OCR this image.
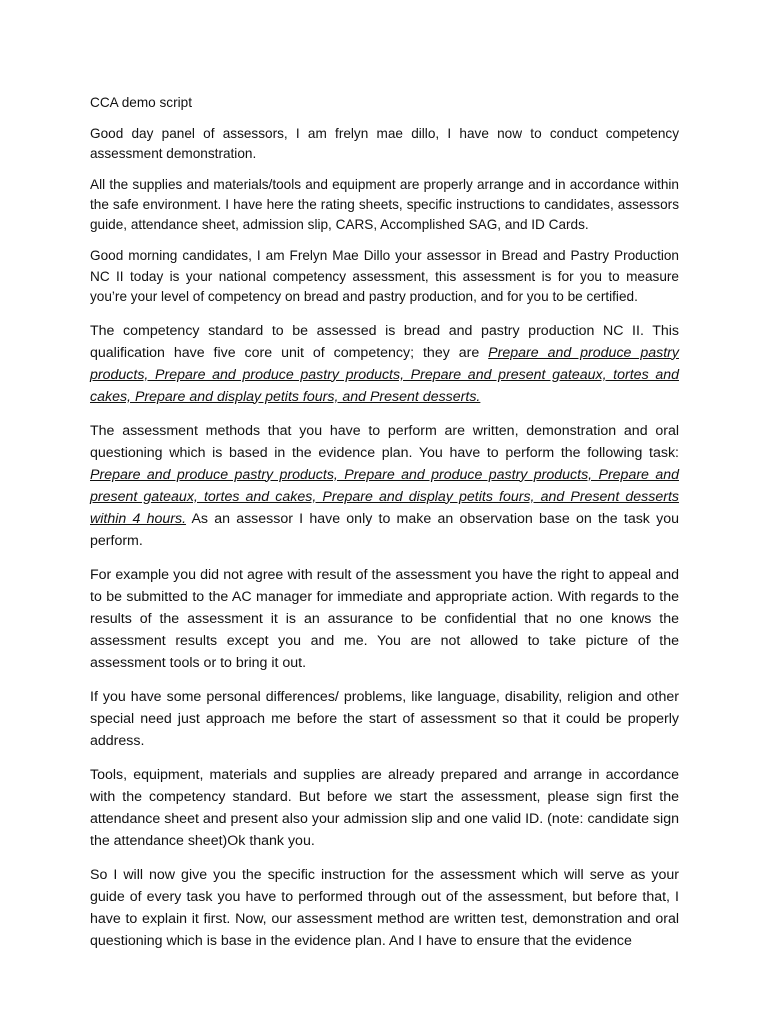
CCA demo script

Good day panel of assessors, I am frelyn mae dillo, I have now to conduct competency assessment demonstration.

All the supplies and materials/tools and equipment are properly arrange and in accordance within the safe environment. I have here the rating sheets, specific instructions to candidates, assessors guide, attendance sheet, admission slip, CARS, Accomplished SAG, and ID Cards.

Good morning candidates, I am Frelyn Mae Dillo your assessor in Bread and Pastry Production NC II today is your national competency assessment, this assessment is for you to measure you’re your level of competency on bread and pastry production, and for you to be certified.

The competency standard to be assessed is bread and pastry production NC II. This qualification have five core unit of competency; they are Prepare and produce pastry products, Prepare and produce pastry products, Prepare and present gateaux, tortes and cakes, Prepare and display petits fours, and Present desserts.

The assessment methods that you have to perform are written, demonstration and oral questioning which is based in the evidence plan. You have to perform the following task: Prepare and produce pastry products, Prepare and produce pastry products, Prepare and present gateaux, tortes and cakes, Prepare and display petits fours, and Present desserts within 4 hours. As an assessor I have only to make an observation base on the task you perform.

For example you did not agree with result of the assessment you have the right to appeal and to be submitted to the AC manager for immediate and appropriate action. With regards to the results of the assessment it is an assurance to be confidential that no one knows the assessment results except you and me. You are not allowed to take picture of the assessment tools or to bring it out.

If you have some personal differences/ problems, like language, disability, religion and other special need just approach me before the start of assessment so that it could be properly address.

Tools, equipment, materials and supplies are already prepared and arrange in accordance with the competency standard. But before we start the assessment, please sign first the attendance sheet and present also your admission slip and one valid ID. (note: candidate sign the attendance sheet)Ok thank you.

So I will now give you the specific instruction for the assessment which will serve as your guide of every task you have to performed through out of the assessment, but before that, I have to explain it first. Now, our assessment method are written test, demonstration and oral questioning which is base in the evidence plan. And I have to ensure that the evidence
